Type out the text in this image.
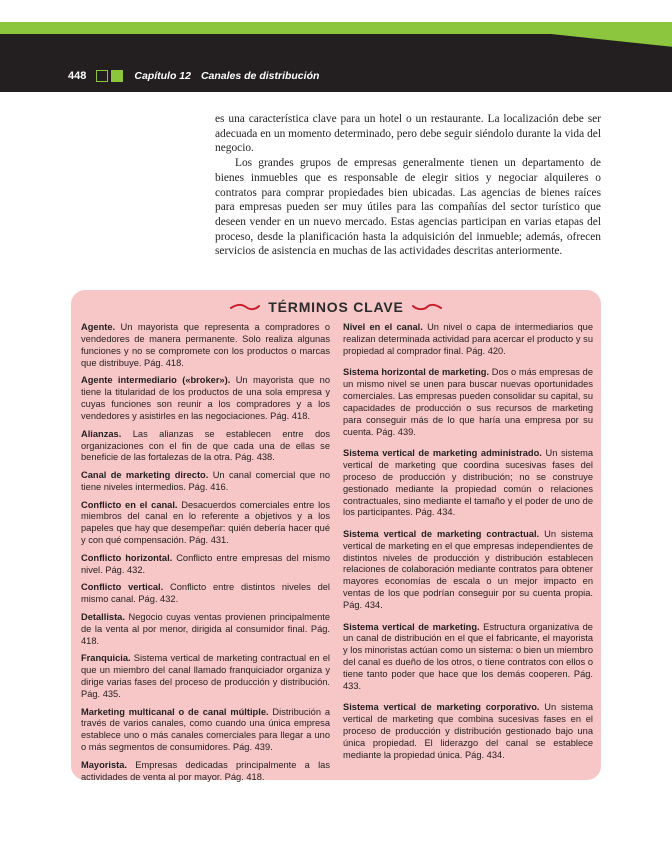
448	Capítulo 12 Canales de distribución

es una característica clave para un hotel o un restaurante. La localización debe ser adecuada en un momento determinado, pero debe seguir siéndolo durante la vida del negocio.

Los grandes grupos de empresas generalmente tienen un departamento de bienes inmuebles que es responsable de elegir sitios y negociar alquileres o contratos para comprar propiedades bien ubicadas. Las agencias de bienes raíces para empresas pueden ser muy útiles para las compañías del sector turístico que deseen vender en un nuevo mercado. Estas agencias participan en varias etapas del proceso, desde la planificación hasta la adquisición del inmueble; además, ofrecen servicios de asistencia en muchas de las actividades descritas anteriormente.

TÉRMINOS CLAVE

Agente. Un mayorista que representa a compradores o vendedores de manera permanente. Solo realiza algunas funciones y no se compromete con los productos o marcas que distribuye. Pág. 418.

Agente intermediario («broker»). Un mayorista que no tiene la titularidad de los productos de una sola empresa y cuyas funciones son reunir a los compradores y a los vendedores y asistirles en las negociaciones. Pág. 418.

Alianzas. Las alianzas se establecen entre dos organizaciones con el fin de que cada una de ellas se beneficie de las fortalezas de la otra. Pág. 438.

Canal de marketing directo. Un canal comercial que no tiene niveles intermedios. Pág. 416.

Conflicto en el canal. Desacuerdos comerciales entre los miembros del canal en lo referente a objetivos y a los papeles que hay que desempeñar: quién debería hacer qué y con qué compensación. Pág. 431.

Conflicto horizontal. Conflicto entre empresas del mismo nivel. Pág. 432.

Conflicto vertical. Conflicto entre distintos niveles del mismo canal. Pág. 432.

Detallista. Negocio cuyas ventas provienen principalmente de la venta al por menor, dirigida al consumidor final. Pág. 418.

Franquicia. Sistema vertical de marketing contractual en el que un miembro del canal llamado franquiciador organiza y dirige varias fases del proceso de producción y distribución. Pág. 435.

Marketing multicanal o de canal múltiple. Distribución a través de varios canales, como cuando una única empresa establece uno o más canales comerciales para llegar a uno o más segmentos de consumidores. Pág. 439.

Mayorista. Empresas dedicadas principalmente a las actividades de venta al por mayor. Pág. 418.

Nivel en el canal. Un nivel o capa de intermediarios que realizan determinada actividad para acercar el producto y su propiedad al comprador final. Pág. 420.

Sistema horizontal de marketing. Dos o más empresas de un mismo nivel se unen para buscar nuevas oportunidades comerciales. Las empresas pueden consolidar su capital, su capacidades de producción o sus recursos de marketing para conseguir más de lo que haría una empresa por su cuenta. Pág. 439.

Sistema vertical de marketing administrado. Un sistema vertical de marketing que coordina sucesivas fases del proceso de producción y distribución; no se construye gestionado mediante la propiedad común o relaciones contractuales, sino mediante el tamaño y el poder de uno de los participantes. Pág. 434.

Sistema vertical de marketing contractual. Un sistema vertical de marketing en el que empresas independientes de distintos niveles de producción y distribución establecen relaciones de colaboración mediante contratos para obtener mayores economías de escala o un mejor impacto en ventas de los que podrían conseguir por su cuenta propia. Pág. 434.

Sistema vertical de marketing. Estructura organizativa de un canal de distribución en el que el fabricante, el mayorista y los minoristas actúan como un sistema: o bien un miembro del canal es dueño de los otros, o tiene contratos con ellos o tiene tanto poder que hace que los demás cooperen. Pág. 433.

Sistema vertical de marketing corporativo. Un sistema vertical de marketing que combina sucesivas fases en el proceso de producción y distribución gestionado bajo una única propiedad. El liderazgo del canal se establece mediante la propiedad única. Pág. 434.
